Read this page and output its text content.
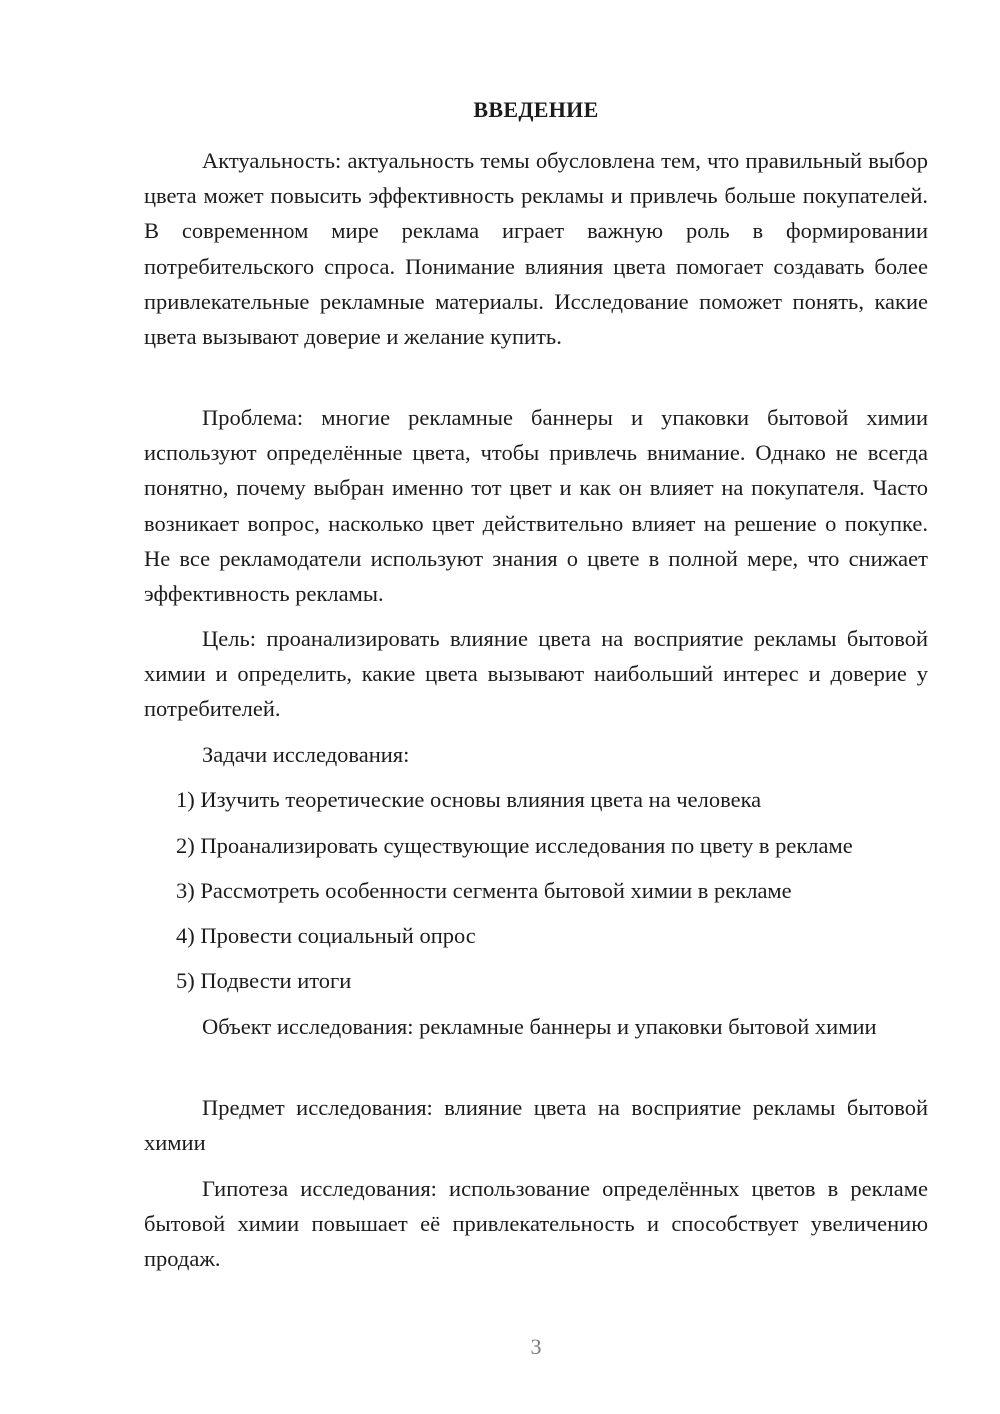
ВВЕДЕНИЕ

Актуальность: актуальность темы обусловлена тем, что правильный выбор цвета может повысить эффективность рекламы и привлечь больше покупателей. В современном мире реклама играет важную роль в формировании потребительского спроса. Понимание влияния цвета помогает создавать более привлекательные рекламные материалы. Исследование поможет понять, какие цвета вызывают доверие и желание купить.

Проблема: многие рекламные баннеры и упаковки бытовой химии используют определённые цвета, чтобы привлечь внимание. Однако не всегда понятно, почему выбран именно тот цвет и как он влияет на покупателя. Часто возникает вопрос, насколько цвет действительно влияет на решение о покупке. Не все рекламодатели используют знания о цвете в полной мере, что снижает эффективность рекламы.

Цель: проанализировать влияние цвета на восприятие рекламы бытовой химии и определить, какие цвета вызывают наибольший интерес и доверие у потребителей.

Задачи исследования:

1) Изучить теоретические основы влияния цвета на человека

2) Проанализировать существующие исследования по цвету в рекламе

3) Рассмотреть особенности сегмента бытовой химии в рекламе

4) Провести социальный опрос

5) Подвести итоги

Объект исследования: рекламные баннеры и упаковки бытовой химии

Предмет исследования: влияние цвета на восприятие рекламы бытовой химии

Гипотеза исследования: использование определённых цветов в рекламе бытовой химии повышает её привлекательность и способствует увеличению продаж.

3
